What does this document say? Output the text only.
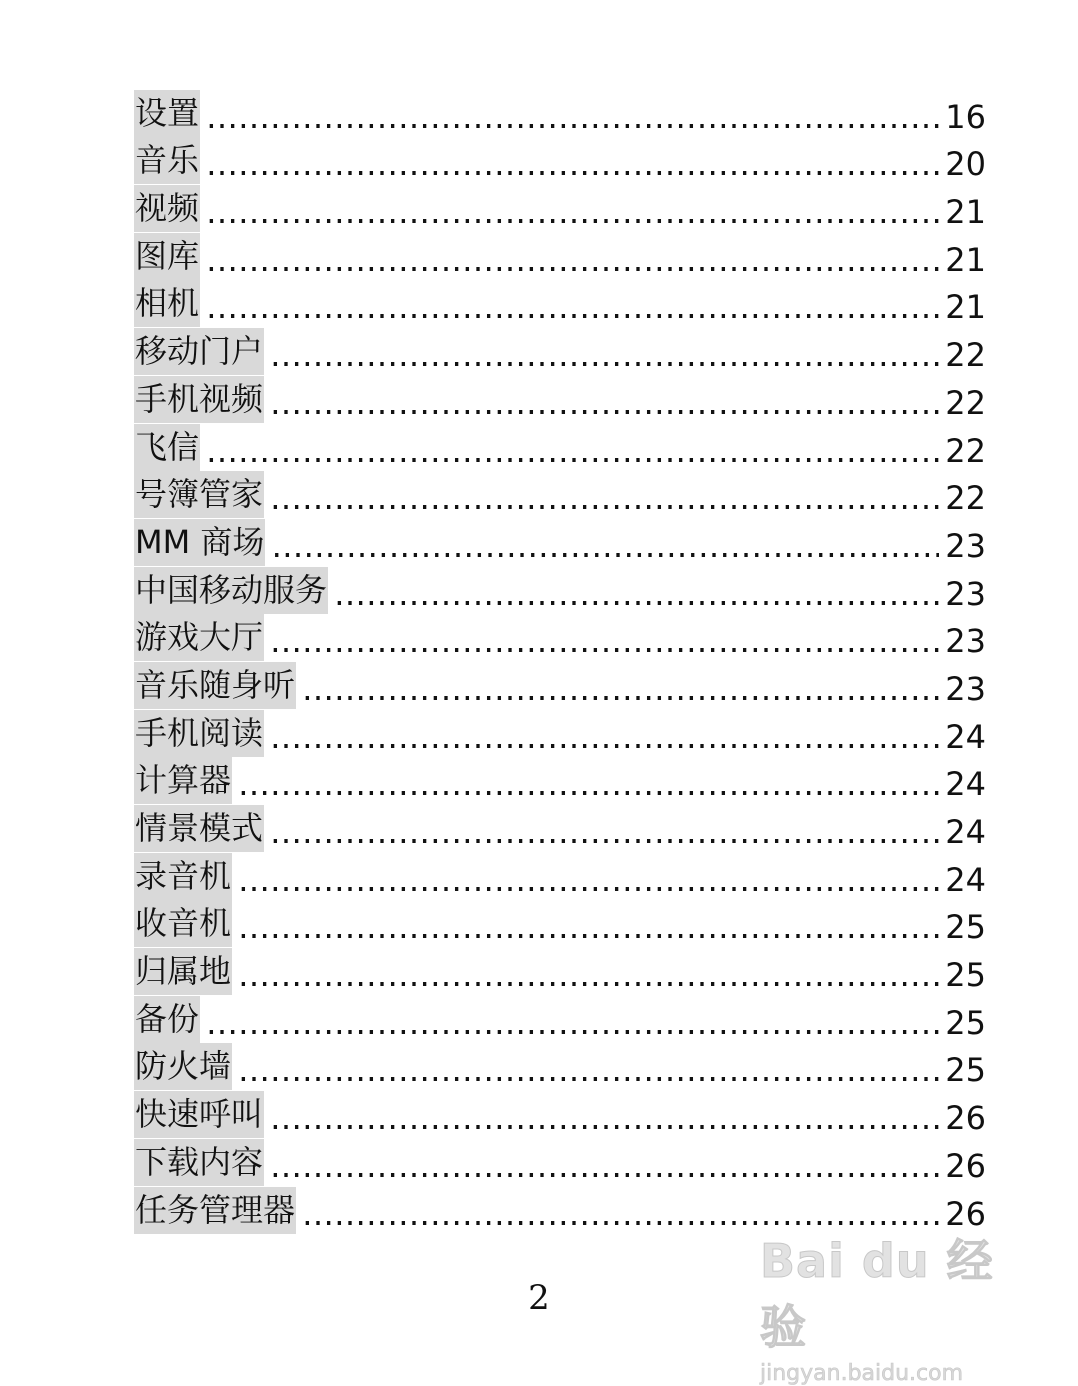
设置 ………………………………………………………………………………………………………………………………………………………………	16
音乐 ………………………………………………………………………………………………………………………………………………………………	20
视频 ………………………………………………………………………………………………………………………………………………………………	21
图库 ………………………………………………………………………………………………………………………………………………………………	21
相机 ………………………………………………………………………………………………………………………………………………………………	21
移动门户 ………………………………………………………………………………………………………………………………………………………………	22
手机视频 ………………………………………………………………………………………………………………………………………………………………	22
飞信 ………………………………………………………………………………………………………………………………………………………………	22
号簿管家 ………………………………………………………………………………………………………………………………………………………………	22
MM 商场 ………………………………………………………………………………………………………………………………………………………………	23
中国移动服务 ………………………………………………………………………………………………………………………………………………………………	23
游戏大厅 ………………………………………………………………………………………………………………………………………………………………	23
音乐随身听 ………………………………………………………………………………………………………………………………………………………………	23
手机阅读 ………………………………………………………………………………………………………………………………………………………………	24
计算器 ………………………………………………………………………………………………………………………………………………………………	24
情景模式 ………………………………………………………………………………………………………………………………………………………………	24
录音机 ………………………………………………………………………………………………………………………………………………………………	24
收音机 ………………………………………………………………………………………………………………………………………………………………	25
归属地 ………………………………………………………………………………………………………………………………………………………………	25
备份 ………………………………………………………………………………………………………………………………………………………………	25
防火墙 ………………………………………………………………………………………………………………………………………………………………	25
快速呼叫 ………………………………………………………………………………………………………………………………………………………………	26
下载内容 ………………………………………………………………………………………………………………………………………………………………	26
任务管理器 ………………………………………………………………………………………………………………………………………………………………	26
2
Bai du 经验
jingyan.baidu.com
